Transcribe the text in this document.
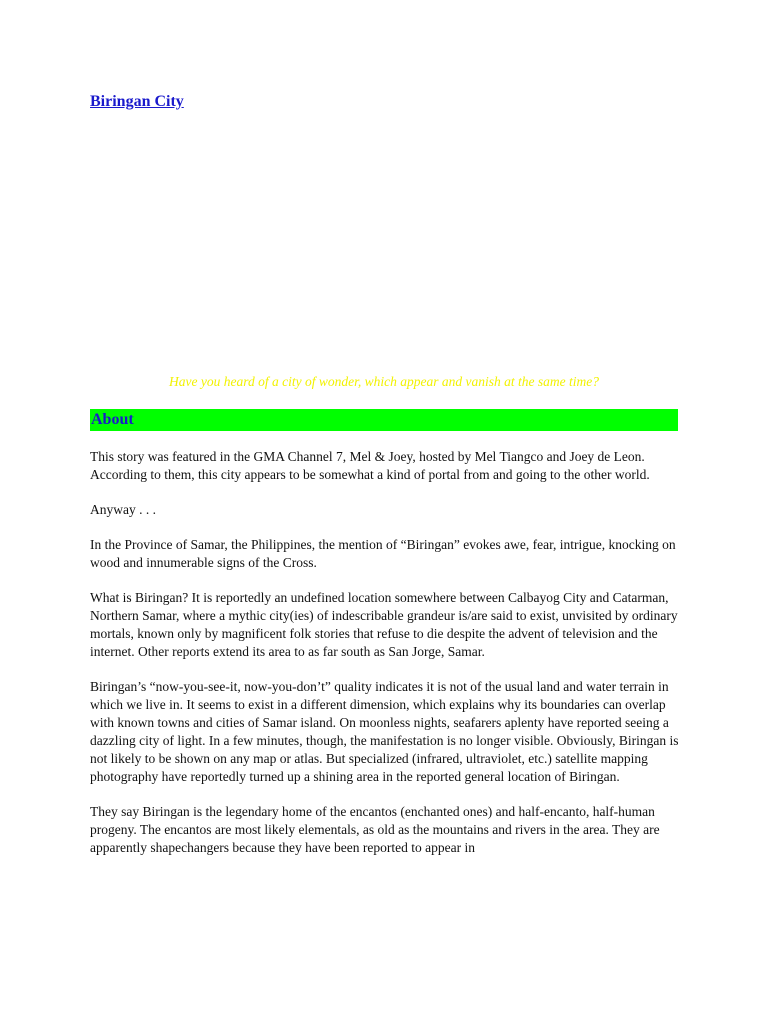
Biringan City
Have you heard of a city of wonder, which appear and vanish at the same time?
About

This story was featured in the GMA Channel 7, Mel & Joey, hosted by Mel Tiangco and Joey de Leon. According to them, this city appears to be somewhat a kind of portal from and going to the other world.

Anyway . . .

In the Province of Samar, the Philippines, the mention of “Biringan” evokes awe, fear, intrigue, knocking on wood and innumerable signs of the Cross.

What is Biringan? It is reportedly an undefined location somewhere between Calbayog City and Catarman, Northern Samar, where a mythic city(ies) of indescribable grandeur is/are said to exist, unvisited by ordinary mortals, known only by magnificent folk stories that refuse to die despite the advent of television and the internet. Other reports extend its area to as far south as San Jorge, Samar.

Biringan’s “now-you-see-it, now-you-don’t” quality indicates it is not of the usual land and water terrain in which we live in. It seems to exist in a different dimension, which explains why its boundaries can overlap with known towns and cities of Samar island. On moonless nights, seafarers aplenty have reported seeing a dazzling city of light. In a few minutes, though, the manifestation is no longer visible. Obviously, Biringan is not likely to be shown on any map or atlas. But specialized (infrared, ultraviolet, etc.) satellite mapping photography have reportedly turned up a shining area in the reported general location of Biringan.

They say Biringan is the legendary home of the encantos (enchanted ones) and half-encanto, half-human progeny. The encantos are most likely elementals, as old as the mountains and rivers in the area. They are apparently shapechangers because they have been reported to appear in
